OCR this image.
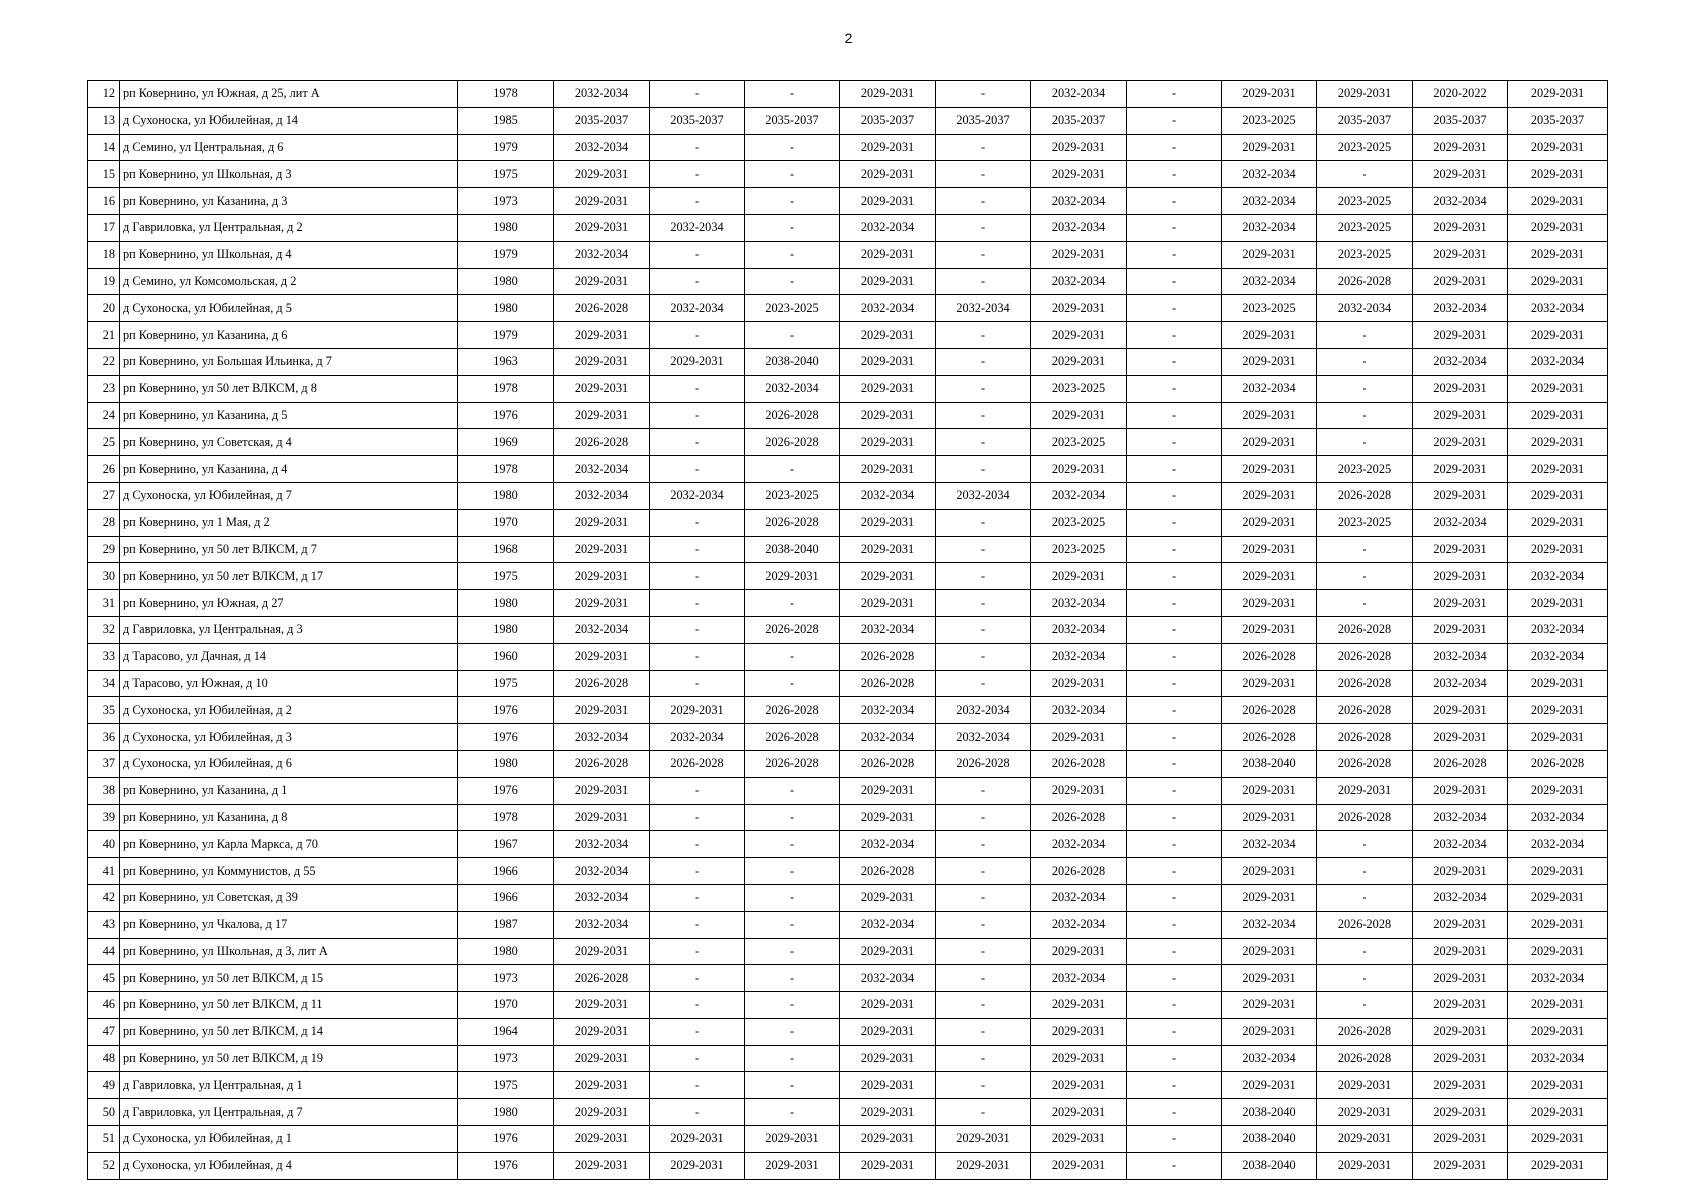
2
12	рп Ковернино, ул Южная, д 25, лит А	1978	2032-2034	-	-	2029-2031	-	2032-2034	-	2029-2031	2029-2031	2020-2022	2029-2031
13	д Сухоноска, ул Юбилейная, д 14	1985	2035-2037	2035-2037	2035-2037	2035-2037	2035-2037	2035-2037	-	2023-2025	2035-2037	2035-2037	2035-2037
14	д Семино, ул Центральная, д 6	1979	2032-2034	-	-	2029-2031	-	2029-2031	-	2029-2031	2023-2025	2029-2031	2029-2031
15	рп Ковернино, ул Школьная, д 3	1975	2029-2031	-	-	2029-2031	-	2029-2031	-	2032-2034	-	2029-2031	2029-2031
16	рп Ковернино, ул Казанина, д 3	1973	2029-2031	-	-	2029-2031	-	2032-2034	-	2032-2034	2023-2025	2032-2034	2029-2031
17	д Гавриловка, ул Центральная, д 2	1980	2029-2031	2032-2034	-	2032-2034	-	2032-2034	-	2032-2034	2023-2025	2029-2031	2029-2031
18	рп Ковернино, ул Школьная, д 4	1979	2032-2034	-	-	2029-2031	-	2029-2031	-	2029-2031	2023-2025	2029-2031	2029-2031
19	д Семино, ул Комсомольская, д 2	1980	2029-2031	-	-	2029-2031	-	2032-2034	-	2032-2034	2026-2028	2029-2031	2029-2031
20	д Сухоноска, ул Юбилейная, д 5	1980	2026-2028	2032-2034	2023-2025	2032-2034	2032-2034	2029-2031	-	2023-2025	2032-2034	2032-2034	2032-2034
21	рп Ковернино, ул Казанина, д 6	1979	2029-2031	-	-	2029-2031	-	2029-2031	-	2029-2031	-	2029-2031	2029-2031
22	рп Ковернино, ул Большая Ильинка, д 7	1963	2029-2031	2029-2031	2038-2040	2029-2031	-	2029-2031	-	2029-2031	-	2032-2034	2032-2034
23	рп Ковернино, ул 50 лет ВЛКСМ, д 8	1978	2029-2031	-	2032-2034	2029-2031	-	2023-2025	-	2032-2034	-	2029-2031	2029-2031
24	рп Ковернино, ул Казанина, д 5	1976	2029-2031	-	2026-2028	2029-2031	-	2029-2031	-	2029-2031	-	2029-2031	2029-2031
25	рп Ковернино, ул Советская, д 4	1969	2026-2028	-	2026-2028	2029-2031	-	2023-2025	-	2029-2031	-	2029-2031	2029-2031
26	рп Ковернино, ул Казанина, д 4	1978	2032-2034	-	-	2029-2031	-	2029-2031	-	2029-2031	2023-2025	2029-2031	2029-2031
27	д Сухоноска, ул Юбилейная, д 7	1980	2032-2034	2032-2034	2023-2025	2032-2034	2032-2034	2032-2034	-	2029-2031	2026-2028	2029-2031	2029-2031
28	рп Ковернино, ул 1 Мая, д 2	1970	2029-2031	-	2026-2028	2029-2031	-	2023-2025	-	2029-2031	2023-2025	2032-2034	2029-2031
29	рп Ковернино, ул 50 лет ВЛКСМ, д 7	1968	2029-2031	-	2038-2040	2029-2031	-	2023-2025	-	2029-2031	-	2029-2031	2029-2031
30	рп Ковернино, ул 50 лет ВЛКСМ, д 17	1975	2029-2031	-	2029-2031	2029-2031	-	2029-2031	-	2029-2031	-	2029-2031	2032-2034
31	рп Ковернино, ул Южная, д 27	1980	2029-2031	-	-	2029-2031	-	2032-2034	-	2029-2031	-	2029-2031	2029-2031
32	д Гавриловка, ул Центральная, д 3	1980	2032-2034	-	2026-2028	2032-2034	-	2032-2034	-	2029-2031	2026-2028	2029-2031	2032-2034
33	д Тарасово, ул Дачная, д 14	1960	2029-2031	-	-	2026-2028	-	2032-2034	-	2026-2028	2026-2028	2032-2034	2032-2034
34	д Тарасово, ул Южная, д 10	1975	2026-2028	-	-	2026-2028	-	2029-2031	-	2029-2031	2026-2028	2032-2034	2029-2031
35	д Сухоноска, ул Юбилейная, д 2	1976	2029-2031	2029-2031	2026-2028	2032-2034	2032-2034	2032-2034	-	2026-2028	2026-2028	2029-2031	2029-2031
36	д Сухоноска, ул Юбилейная, д 3	1976	2032-2034	2032-2034	2026-2028	2032-2034	2032-2034	2029-2031	-	2026-2028	2026-2028	2029-2031	2029-2031
37	д Сухоноска, ул Юбилейная, д 6	1980	2026-2028	2026-2028	2026-2028	2026-2028	2026-2028	2026-2028	-	2038-2040	2026-2028	2026-2028	2026-2028
38	рп Ковернино, ул Казанина, д 1	1976	2029-2031	-	-	2029-2031	-	2029-2031	-	2029-2031	2029-2031	2029-2031	2029-2031
39	рп Ковернино, ул Казанина, д 8	1978	2029-2031	-	-	2029-2031	-	2026-2028	-	2029-2031	2026-2028	2032-2034	2032-2034
40	рп Ковернино, ул Карла Маркса, д 70	1967	2032-2034	-	-	2032-2034	-	2032-2034	-	2032-2034	-	2032-2034	2032-2034
41	рп Ковернино, ул Коммунистов, д 55	1966	2032-2034	-	-	2026-2028	-	2026-2028	-	2029-2031	-	2029-2031	2029-2031
42	рп Ковернино, ул Советская, д 39	1966	2032-2034	-	-	2029-2031	-	2032-2034	-	2029-2031	-	2032-2034	2029-2031
43	рп Ковернино, ул Чкалова, д 17	1987	2032-2034	-	-	2032-2034	-	2032-2034	-	2032-2034	2026-2028	2029-2031	2029-2031
44	рп Ковернино, ул Школьная, д 3, лит А	1980	2029-2031	-	-	2029-2031	-	2029-2031	-	2029-2031	-	2029-2031	2029-2031
45	рп Ковернино, ул 50 лет ВЛКСМ, д 15	1973	2026-2028	-	-	2032-2034	-	2032-2034	-	2029-2031	-	2029-2031	2032-2034
46	рп Ковернино, ул 50 лет ВЛКСМ, д 11	1970	2029-2031	-	-	2029-2031	-	2029-2031	-	2029-2031	-	2029-2031	2029-2031
47	рп Ковернино, ул 50 лет ВЛКСМ, д 14	1964	2029-2031	-	-	2029-2031	-	2029-2031	-	2029-2031	2026-2028	2029-2031	2029-2031
48	рп Ковернино, ул 50 лет ВЛКСМ, д 19	1973	2029-2031	-	-	2029-2031	-	2029-2031	-	2032-2034	2026-2028	2029-2031	2032-2034
49	д Гавриловка, ул Центральная, д 1	1975	2029-2031	-	-	2029-2031	-	2029-2031	-	2029-2031	2029-2031	2029-2031	2029-2031
50	д Гавриловка, ул Центральная, д 7	1980	2029-2031	-	-	2029-2031	-	2029-2031	-	2038-2040	2029-2031	2029-2031	2029-2031
51	д Сухоноска, ул Юбилейная, д 1	1976	2029-2031	2029-2031	2029-2031	2029-2031	2029-2031	2029-2031	-	2038-2040	2029-2031	2029-2031	2029-2031
52	д Сухоноска, ул Юбилейная, д 4	1976	2029-2031	2029-2031	2029-2031	2029-2031	2029-2031	2029-2031	-	2038-2040	2029-2031	2029-2031	2029-2031
